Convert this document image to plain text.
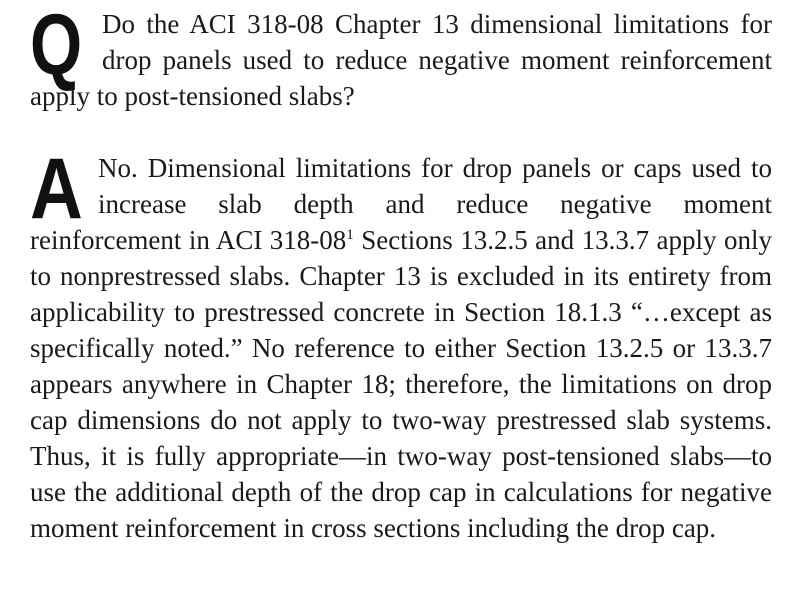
Q Do the ACI 318-08 Chapter 13 dimensional limitations for drop panels used to reduce negative moment reinforcement apply to post-tensioned slabs?

A No. Dimensional limitations for drop panels or caps used to increase slab depth and reduce negative moment reinforcement in ACI $318-08^1$ Sections 13.2.5 and 13.3.7 apply only to nonprestressed slabs. Chapter 13 is excluded in its entirety from applicability to prestressed concrete in Section 18.1.3 “…except as specifically noted.” No reference to either Section 13.2.5 or 13.3.7 appears anywhere in Chapter 18; therefore, the limitations on drop cap dimensions do not apply to two-way prestressed slab systems. Thus, it is fully appropriate—in two-way post-tensioned slabs—to use the additional depth of the drop cap in calculations for negative moment reinforcement in cross sections including the drop cap.
